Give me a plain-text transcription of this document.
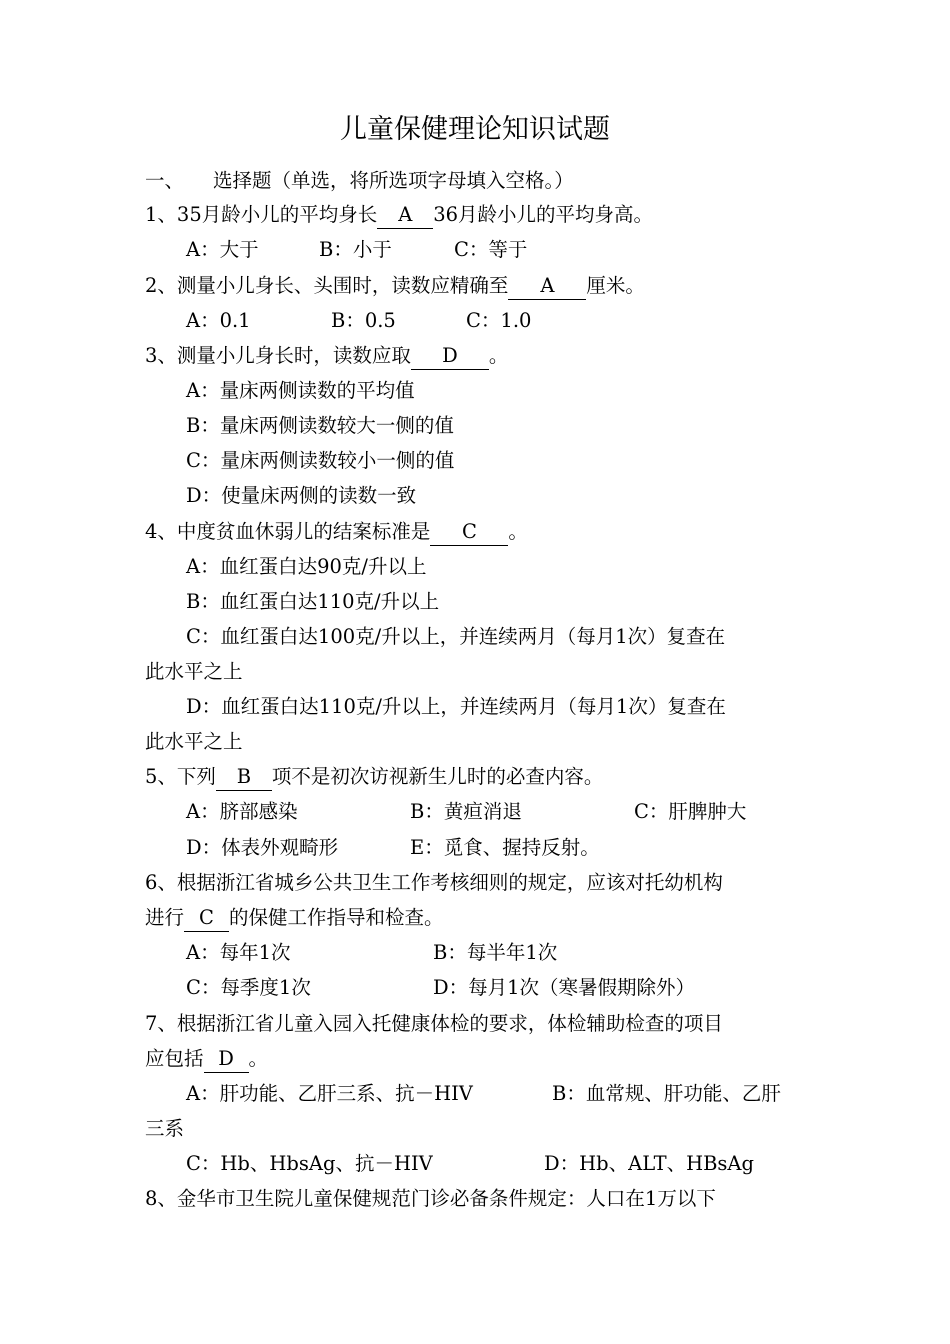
儿童保健理论知识试题
一、 选择题（单选，将所选项字母填入空格。）
1、35月龄小儿的平均身长 A 36月龄小儿的平均身高。
A：大于	B：小于	C：等于
2、测量小儿身长、头围时，读数应精确至 A 厘米。
A：0.1	B：0.5	C：1.0
3、测量小儿身长时，读数应取 D 。
A：量床两侧读数的平均值
B：量床两侧读数较大一侧的值
C：量床两侧读数较小一侧的值
D：使量床两侧的读数一致
4、中度贫血休弱儿的结案标准是 C 。
A：血红蛋白达90克/升以上
B：血红蛋白达110克/升以上
C：血红蛋白达100克/升以上，并连续两月（每月1次）复查在
此水平之上
D：血红蛋白达110克/升以上，并连续两月（每月1次）复查在
此水平之上
5、下列 B 项不是初次访视新生儿时的必查内容。
A：脐部感染	B：黄疸消退	C：肝脾肿大
D：体表外观畸形	E：觅食、握持反射。
6、根据浙江省城乡公共卫生工作考核细则的规定，应该对托幼机构
进行 C 的保健工作指导和检查。
A：每年1次	B：每半年1次
C：每季度1次	D：每月1次（寒暑假期除外）
7、根据浙江省儿童入园入托健康体检的要求，体检辅助检查的项目
应包括 D 。
A：肝功能、乙肝三系、抗－HIV	B：血常规、肝功能、乙肝
三系
C：Hb、HbsAg、抗－HIV	D：Hb、ALT、HBsAg
8、金华市卫生院儿童保健规范门诊必备条件规定：人口在1万以下
